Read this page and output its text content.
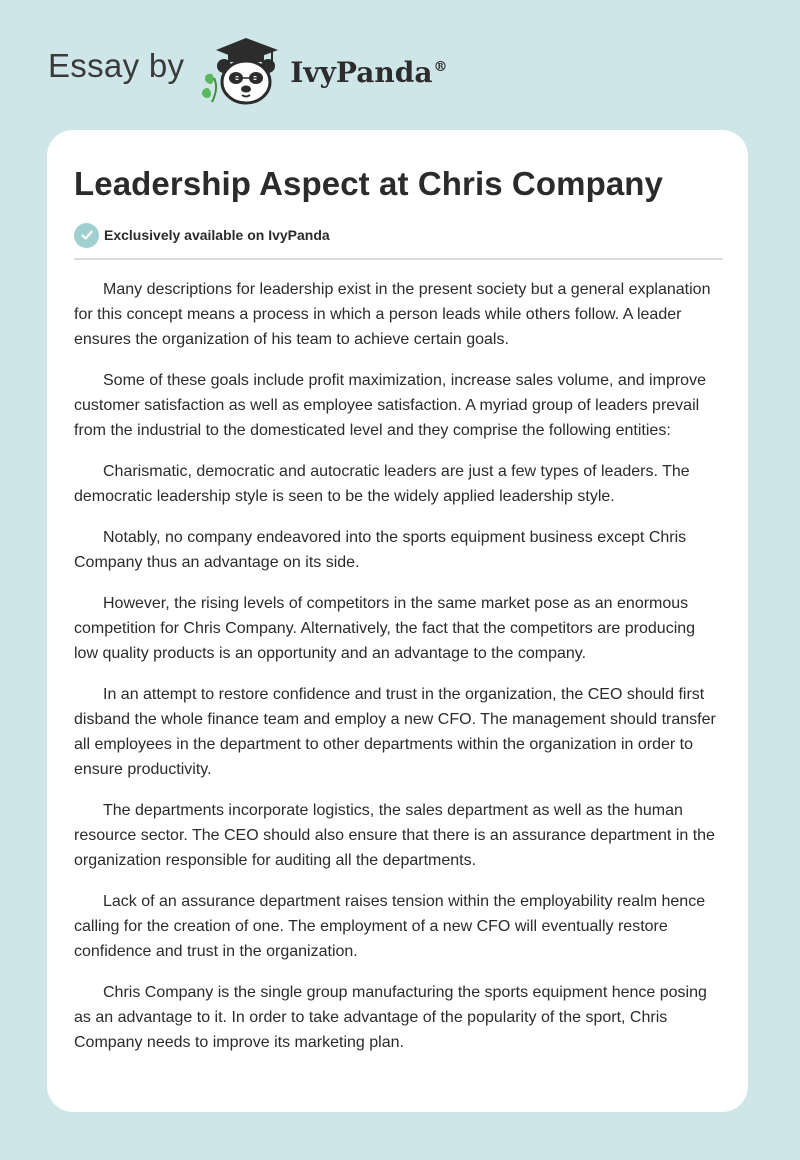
Essay by	IvyPanda®
Leadership Aspect at Chris Company
Exclusively available on IvyPanda

Many descriptions for leadership exist in the present society but a general explanation for this concept means a process in which a person leads while others follow. A leader ensures the organization of his team to achieve certain goals.

Some of these goals include profit maximization, increase sales volume, and improve customer satisfaction as well as employee satisfaction. A myriad group of leaders prevail from the industrial to the domesticated level and they comprise the following entities:

Charismatic, democratic and autocratic leaders are just a few types of leaders. The democratic leadership style is seen to be the widely applied leadership style.

Notably, no company endeavored into the sports equipment business except Chris Company thus an advantage on its side.

However, the rising levels of competitors in the same market pose as an enormous competition for Chris Company. Alternatively, the fact that the competitors are producing low quality products is an opportunity and an advantage to the company.

In an attempt to restore confidence and trust in the organization, the CEO should first disband the whole finance team and employ a new CFO. The management should transfer all employees in the department to other departments within the organization in order to ensure productivity.

The departments incorporate logistics, the sales department as well as the human resource sector. The CEO should also ensure that there is an assurance department in the organization responsible for auditing all the departments.

Lack of an assurance department raises tension within the employability realm hence calling for the creation of one. The employment of a new CFO will eventually restore confidence and trust in the organization.

Chris Company is the single group manufacturing the sports equipment hence posing as an advantage to it. In order to take advantage of the popularity of the sport, Chris Company needs to improve its marketing plan.
